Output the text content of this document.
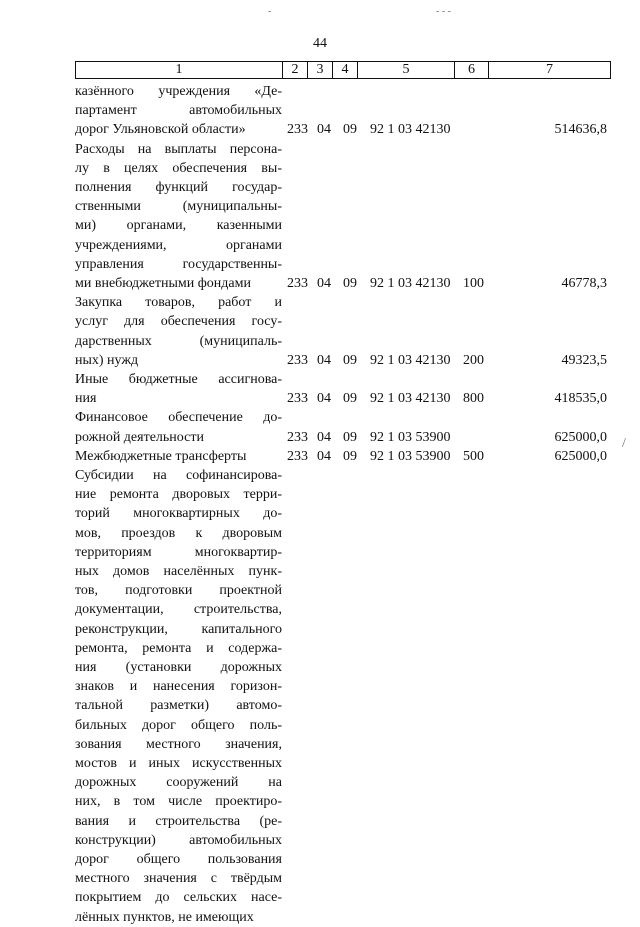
44
1	2	3	4	5	6	7
казённого учреждения «Де-
партамент автомобильных
дорог Ульяновской области»	233 04 09 92 1 03 42130	514636,8
Расходы на выплаты персона-
лу в целях обеспечения вы-
полнения функций государ-
ственными (муниципальны-
ми) органами, казенными
учреждениями, органами
управления государственны-
ми внебюджетными фондами	233 04 09 92 1 03 42130 100	46778,3
Закупка товаров, работ и
услуг для обеспечения госу-
дарственных (муниципаль-
ных) нужд	233 04 09 92 1 03 42130 200	49323,5
Иные бюджетные ассигнова-
ния	233 04 09 92 1 03 42130 800	418535,0
Финансовое обеспечение до-
рожной деятельности	233 04 09 92 1 03 53900	625000,0
Межбюджетные трансферты	233 04 09 92 1 03 53900 500	625000,0
Субсидии на софинансирова-
ние ремонта дворовых терри-
торий многоквартирных до-
мов, проездов к дворовым
территориям многоквартир-
ных домов населённых пунк-
тов, подготовки проектной
документации, строительства,
реконструкции, капитального
ремонта, ремонта и содержа-
ния (установки дорожных
знаков и нанесения горизон-
тальной разметки) автомо-
бильных дорог общего поль-
зования местного значения,
мостов и иных искусственных
дорожных сооружений на
них, в том числе проектиро-
вания и строительства (ре-
конструкции) автомобильных
дорог общего пользования
местного значения с твёрдым
покрытием до сельских насе-
лённых пунктов, не имеющих
-	- - -
/
